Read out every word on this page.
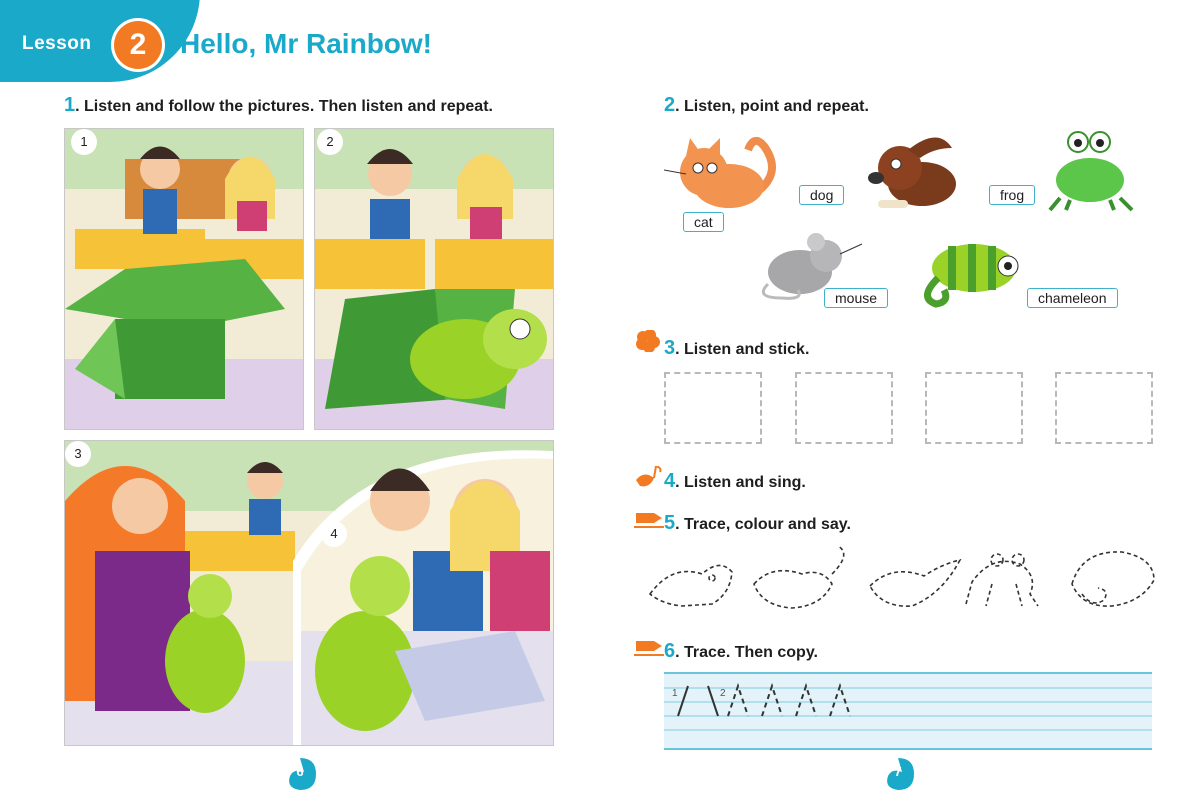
Lesson	2	Hello, Mr Rainbow!
1. Listen and follow the pictures. Then listen and repeat.
1	2
3
4
2. Listen, point and repeat.
cat
dog	frog
mouse	chameleon
3. Listen and stick.
4. Listen and sing.
5. Trace, colour and say.
6. Trace. Then copy.
1	2
6	7
